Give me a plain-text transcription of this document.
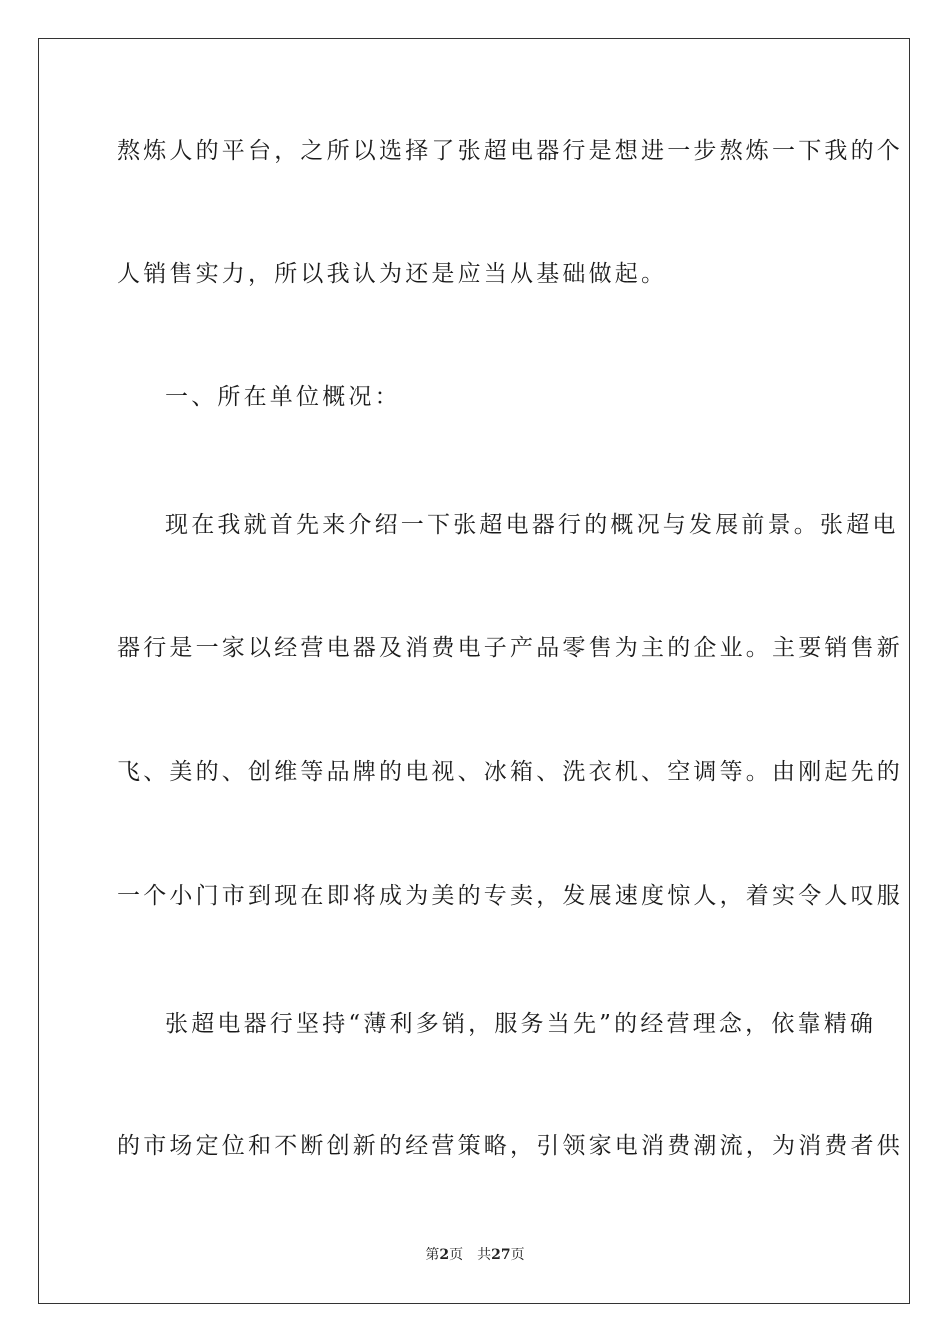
熬炼人的平台，之所以选择了张超电器行是想进一步熬炼一下我的个
人销售实力，所以我认为还是应当从基础做起。
一、所在单位概况：
现在我就首先来介绍一下张超电器行的概况与发展前景。张超电
器行是一家以经营电器及消费电子产品零售为主的企业。主要销售新
飞、美的、创维等品牌的电视、冰箱、洗衣机、空调等。由刚起先的
一个小门市到现在即将成为美的专卖，发展速度惊人，着实令人叹服
张超电器行坚持“薄利多销，服务当先”的经营理念，依靠精确
的市场定位和不断创新的经营策略，引领家电消费潮流，为消费者供
第2页 共27页
